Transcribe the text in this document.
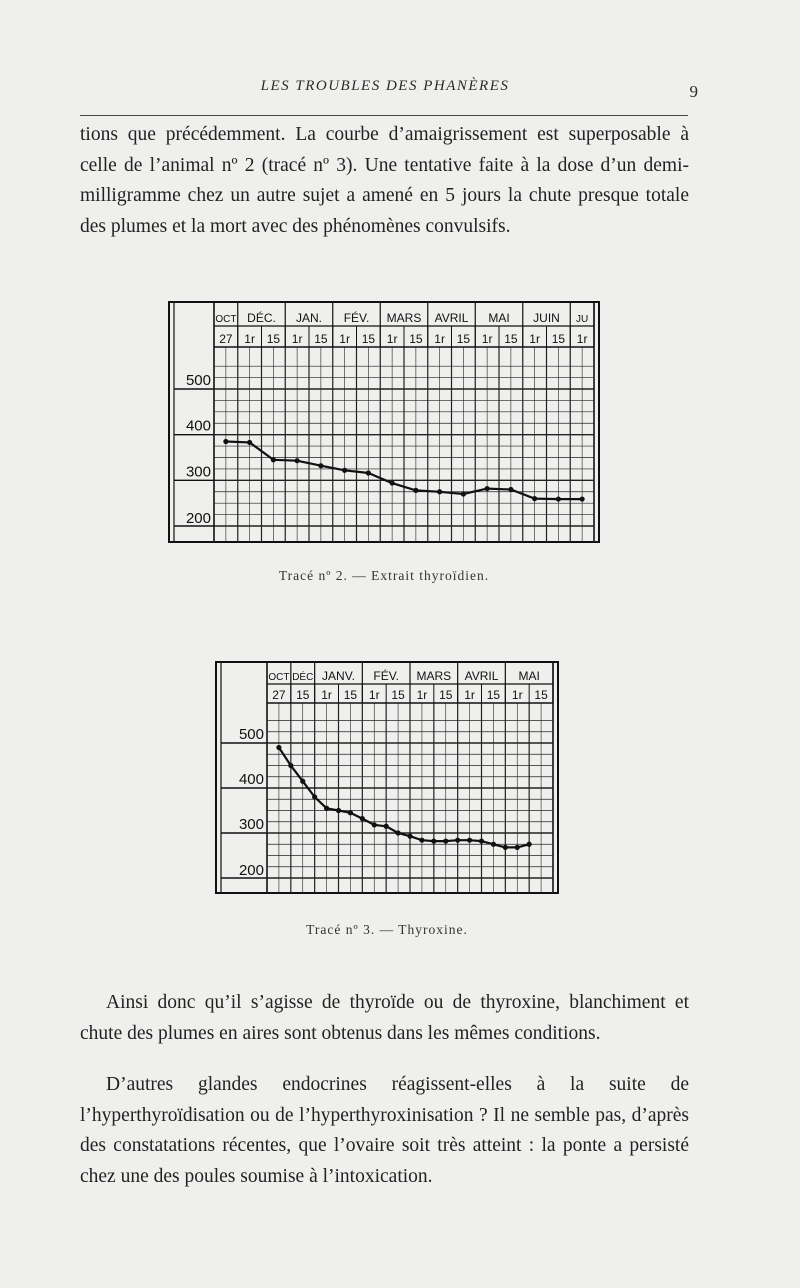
LES TROUBLES DES PHANÈRES	9

tions que précédemment. La courbe d’amaigrissement est superposable à celle de l’animal nº 2 (tracé nº 3). Une tentative faite à la dose d’un demi-milligramme chez un autre sujet a amené en 5 jours la chute presque totale des plumes et la mort avec des phénomènes convulsifs.

OCT DÉC. JAN. FÉV. MARS AVRIL MAI JUIN JU
27 1r 15 1r 15 1r 15 1r 15 1r 15 1r 15 1r 15 1r
500
400
300
200
Tracé nº 2. — Extrait thyroïdien.
OCT DÉC JANV. FÉV. MARS AVRIL MAI
27 15 1r 15 1r 15 1r 15 1r 15 1r 15
500
400
300
200
Tracé nº 3. — Thyroxine.

Ainsi donc qu’il s’agisse de thyroïde ou de thyroxine, blanchiment et chute des plumes en aires sont obtenus dans les mêmes conditions.

D’autres glandes endocrines réagissent-elles à la suite de l’hyperthyroïdisation ou de l’hyperthyroxinisation ? Il ne semble pas, d’après des constatations récentes, que l’ovaire soit très atteint : la ponte a persisté chez une des poules soumise à l’intoxication.
